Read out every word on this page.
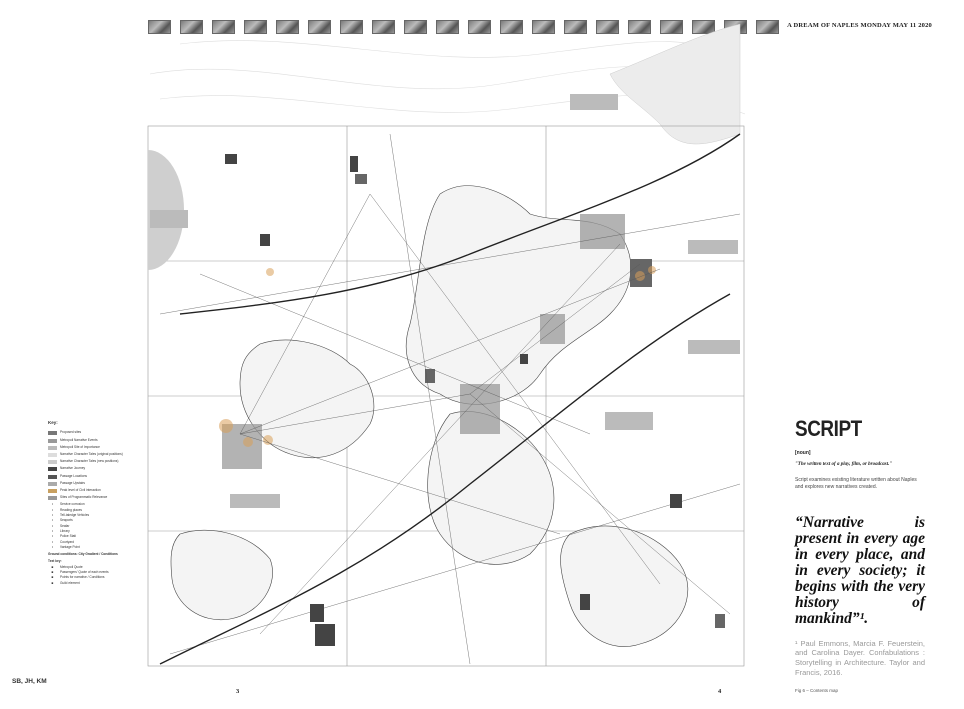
A DREAM OF NAPLES MONDAY MAY 11 2020
Key:
Proposed sites
Metropoli Narrative Events
Metropoli Site of Importance
Narrative Character Tales (original positions)
Narrative Character Tales (new positions)
Narrative Journey
Passage Locations
Passage Upstairs
Peak level of Civil interaction
Sites of Programmatic Relevance
•	Service corrosion
•	Reading places
•	Tell-taledge Vehicles
•	Seaports
•	Seafar
•	Library
•	Police Stati
•	Courtyard
•	Vantage Point
Ground conditions: City Gradient / Conditions
Text key:
■	Metropoli Quote
■	Passengers' Quote of each events
■	Points for narrative / Conditions
■	Guild element
SB, JH, KM
3	4
SCRIPT
[noun]
"The written text of a play, film, or broadcast."
Script examines existing literature written about Naples and explores new narratives created.
“Narrative is present in every age in every place, and in every society; it begins with the very history of mankind”¹.
¹ Paul Emmons, Marcia F. Feuerstein, and Carolina Dayer. Confabulations : Storytelling in Architecture. Taylor and Francis, 2016.
Fig 6 – Contents map
